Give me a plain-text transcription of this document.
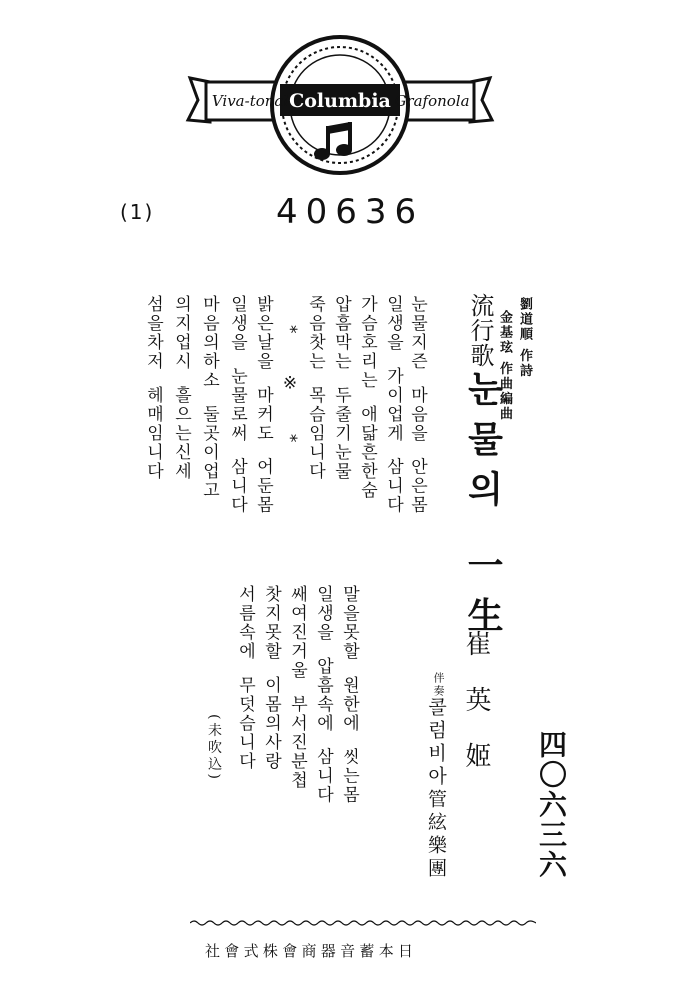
Columbia
Viva-tonal	Grafonola
(1)	40636
四〇六三六
劉道順 作詩
金基玹 作曲編曲
流行歌
눈물의 一生
崔英姬
伴奏
콜럼비아管絃樂團
눈물지즌  마음을  안은몸
일생을  가이업게  삼니다
가슴호리는  애닯흔한숨
압흠막는  두줄기눈물
죽음찻는  목슴임니다
*   ※   *
밝은날을  마커도  어둔몸
일생을  눈물로써  삼니다
마음의하소  둘곳이업고
의지업시  흘으는신세
섬을차저  헤매임니다
말을못할  원한에  씻는몸
일생을  압흠속에  삼니다
쌔여진거울  부서진분첩
찻지못할  이몸의사랑
서름속에  무덧슴니다
(未吹込)
社會式株會商器音蓄本日
